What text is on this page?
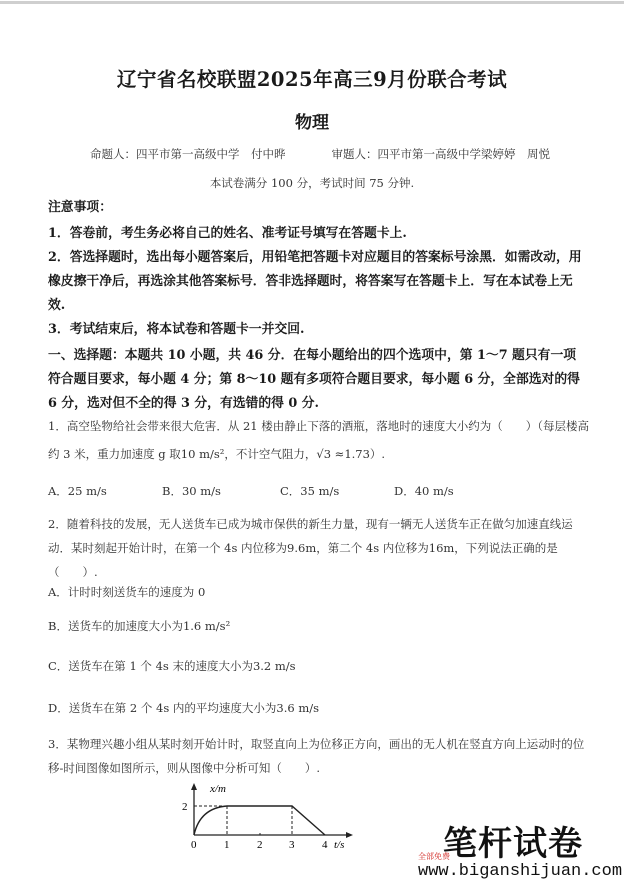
辽宁省名校联盟2025年高三9月份联合考试
物理
命题人：四平市第一高级中学　付中晔	审题人：四平市第一高级中学梁婷婷　周悦
本试卷满分 100 分，考试时间 75 分钟.
注意事项：
1．答卷前，考生务必将自己的姓名、准考证号填写在答题卡上.
2．答选择题时，选出每小题答案后，用铅笔把答题卡对应题目的答案标号涂黑．如需改动，用橡皮擦干净后，再选涂其他答案标号．答非选择题时，将答案写在答题卡上．写在本试卷上无效.
3．考试结束后，将本试卷和答题卡一并交回.
一、选择题：本题共 10 小题，共 46 分．在每小题给出的四个选项中，第 1～7 题只有一项符合题目要求，每小题 4 分；第 8～10 题有多项符合题目要求，每小题 6 分，全部选对的得 6 分，选对但不全的得 3 分，有选错的得 0 分.
1．高空坠物给社会带来很大危害．从 21 楼由静止下落的酒瓶，落地时的速度大小约为（　　）（每层楼高约 3 米，重力加速度 g 取10 m/s²，不计空气阻力，√3 ≈1.73）.
A．25 m/s	B．30 m/s	C．35 m/s	D．40 m/s
2．随着科技的发展，无人送货车已成为城市保供的新生力量，现有一辆无人送货车正在做匀加速直线运动．某时刻起开始计时，在第一个 4s 内位移为9.6m，第二个 4s 内位移为16m，下列说法正确的是（　　）.
A．计时时刻送货车的速度为 0
B．送货车的加速度大小为1.6 m/s²
C．送货车在第 1 个 4s 末的速度大小为3.2 m/s
D．送货车在第 2 个 4s 内的平均速度大小为3.6 m/s
3．某物理兴趣小组从某时刻开始计时，取竖直向上为位移正方向，画出的无人机在竖直方向上运动时的位移-时间图像如图所示，则从图像中分析可知（　　）.
x/m
2
0	1	2 3	4 t/s	笔杆试卷
全部免费
www.biganshijuan.com
